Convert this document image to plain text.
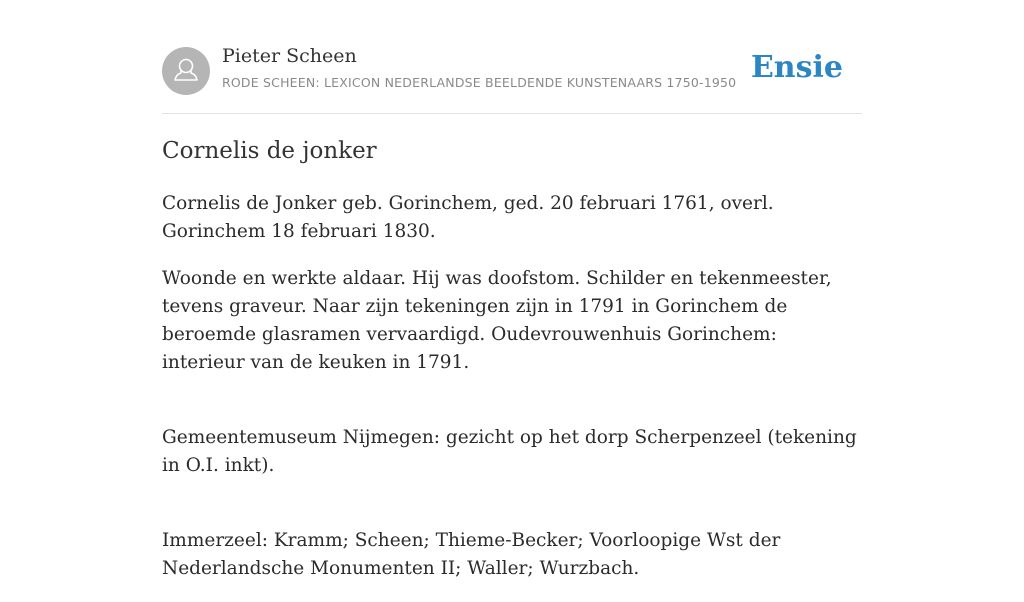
Pieter Scheen
RODE SCHEEN: LEXICON NEDERLANDSE BEELDENDE KUNSTENAARS 1750-1950 Ensie
Cornelis de jonker

Cornelis de Jonker geb. Gorinchem, ged. 20 februari 1761, overl. Gorinchem 18 februari 1830.

Woonde en werkte aldaar. Hij was doofstom. Schilder en tekenmeester, tevens graveur. Naar zijn tekeningen zijn in 1791 in Gorinchem de beroemde glasramen vervaardigd. Oudevrouwenhuis Gorinchem: interieur van de keuken in 1791.

Gemeentemuseum Nijmegen: gezicht op het dorp Scherpenzeel (tekening in O.I. inkt).

Immerzeel: Kramm; Scheen; Thieme-Becker; Voorloopige Wst der Nederlandsche Monumenten II; Waller; Wurzbach.
